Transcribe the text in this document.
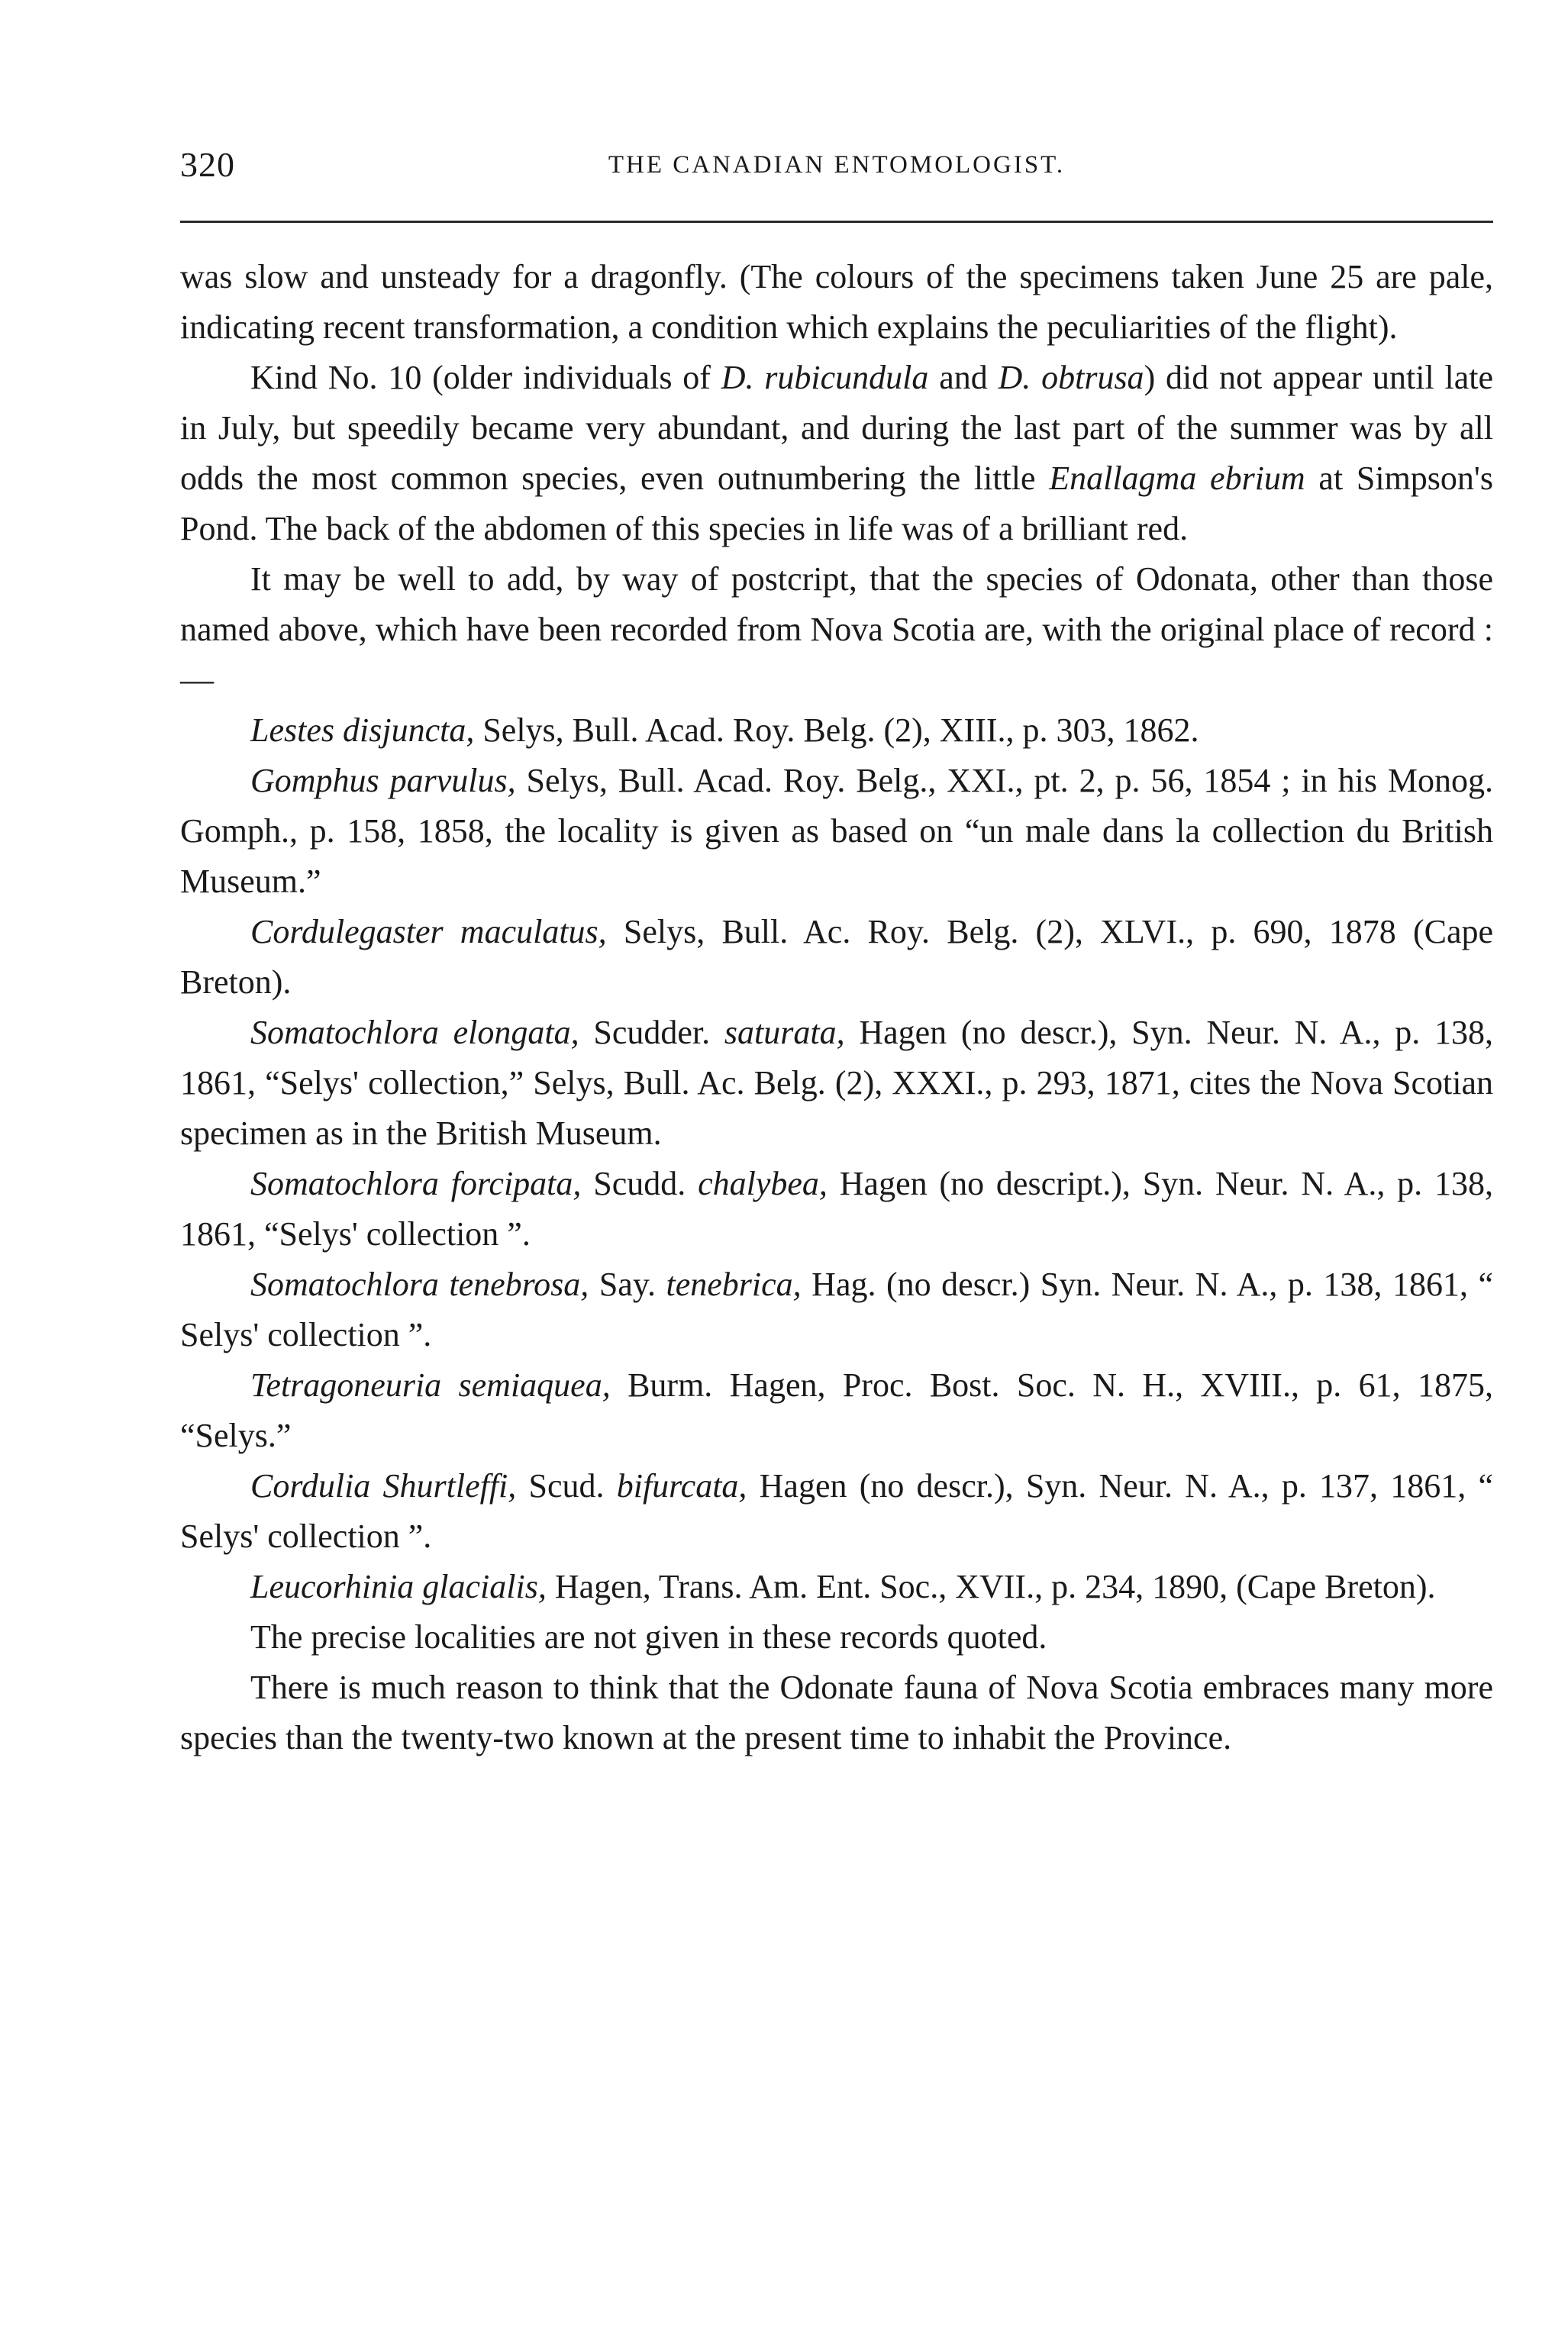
320	THE CANADIAN ENTOMOLOGIST.

was slow and unsteady for a dragonfly. (The colours of the specimens taken June 25 are pale, indicating recent transformation, a condition which explains the peculiarities of the flight).

Kind No. 10 (older individuals of D. rubicundula and D. obtrusa) did not appear until late in July, but speedily became very abundant, and during the last part of the summer was by all odds the most common species, even outnumbering the little Enallagma ebrium at Simpson's Pond. The back of the abdomen of this species in life was of a brilliant red.

It may be well to add, by way of postcript, that the species of Odonata, other than those named above, which have been recorded from Nova Scotia are, with the original place of record :—

Lestes disjuncta, Selys, Bull. Acad. Roy. Belg. (2), XIII., p. 303, 1862.

Gomphus parvulus, Selys, Bull. Acad. Roy. Belg., XXI., pt. 2, p. 56, 1854 ; in his Monog. Gomph., p. 158, 1858, the locality is given as based on “un male dans la collection du British Museum.”

Cordulegaster maculatus, Selys, Bull. Ac. Roy. Belg. (2), XLVI., p. 690, 1878 (Cape Breton).

Somatochlora elongata, Scudder. saturata, Hagen (no descr.), Syn. Neur. N. A., p. 138, 1861, “Selys' collection,” Selys, Bull. Ac. Belg. (2), XXXI., p. 293, 1871, cites the Nova Scotian specimen as in the British Museum.

Somatochlora forcipata, Scudd. chalybea, Hagen (no descript.), Syn. Neur. N. A., p. 138, 1861, “Selys' collection ”.

Somatochlora tenebrosa, Say. tenebrica, Hag. (no descr.) Syn. Neur. N. A., p. 138, 1861, “ Selys' collection ”.

Tetragoneuria semiaquea, Burm. Hagen, Proc. Bost. Soc. N. H., XVIII., p. 61, 1875, “Selys.”

Cordulia Shurtleffi, Scud. bifurcata, Hagen (no descr.), Syn. Neur. N. A., p. 137, 1861, “ Selys' collection ”.

Leucorhinia glacialis, Hagen, Trans. Am. Ent. Soc., XVII., p. 234, 1890, (Cape Breton).

The precise localities are not given in these records quoted.

There is much reason to think that the Odonate fauna of Nova Scotia embraces many more species than the twenty-two known at the present time to inhabit the Province.
